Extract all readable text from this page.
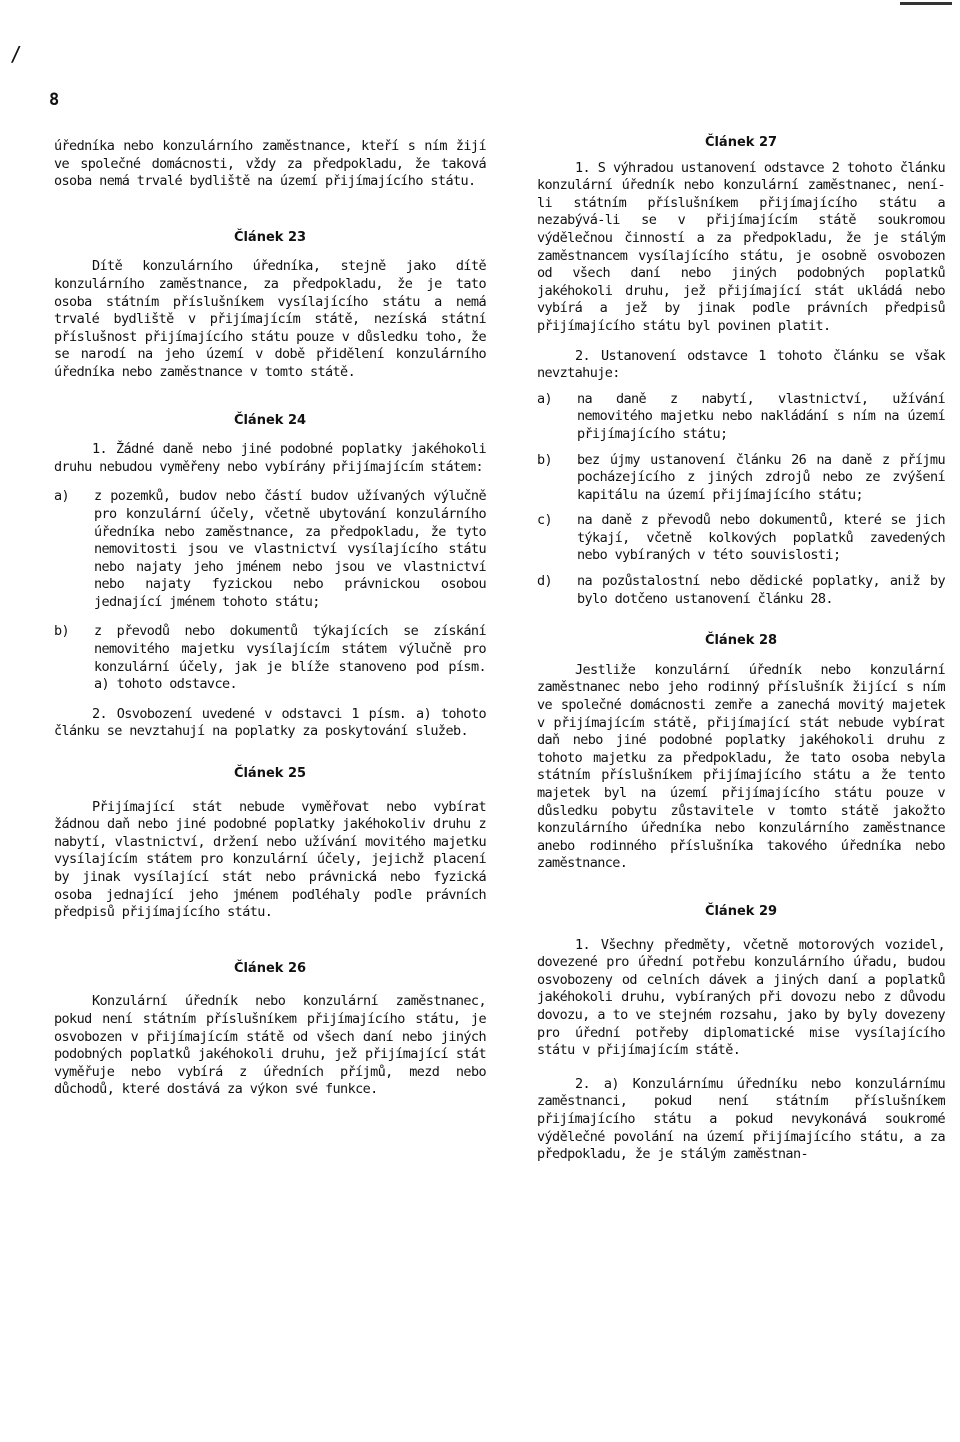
/
8

úředníka nebo konzulárního zaměstnance, kteří s ním žijí ve společné domácnosti, vždy za předpokladu, že taková osoba nemá trvalé bydliště na území přijímajícího státu.

Článek 23

Dítě konzulárního úředníka, stejně jako dítě konzulárního zaměstnance, za předpokladu, že je tato osoba státním příslušníkem vysílajícího státu a nemá trvalé bydliště v přijímajícím státě, nezíská státní příslušnost přijímajícího státu pouze v důsledku toho, že se narodí na jeho území v době přidělení konzulárního úředníka nebo zaměstnance v tomto státě.

Článek 24

1. Žádné daně nebo jiné podobné poplatky jakéhokoli druhu nebudou vyměřeny nebo vybírány přijímajícím státem:

a)	z pozemků, budov nebo částí budov užívaných výlučně pro konzulární účely, včetně ubytování konzulárního úředníka nebo zaměstnance, za předpokladu, že tyto nemovitosti jsou ve vlastnictví vysílajícího státu nebo najaty jeho jménem nebo jsou ve vlastnictví nebo najaty fyzickou nebo právnickou osobou jednající jménem tohoto státu;
b)	z převodů nebo dokumentů týkajících se získání nemovitého majetku vysílajícím státem výlučně pro konzulární účely, jak je blíže stanoveno pod písm. a) tohoto odstavce.

2. Osvobození uvedené v odstavci 1 písm. a) tohoto článku se nevztahují na poplatky za poskytování služeb.

Článek 25

Přijímající stát nebude vyměřovat nebo vybírat žádnou daň nebo jiné podobné poplatky jakéhokoliv druhu z nabytí, vlastnictví, držení nebo užívání movitého majetku vysílajícím státem pro konzulární účely, jejichž placení by jinak vysílající stát nebo právnická nebo fyzická osoba jednající jeho jménem podléhaly podle právních předpisů přijímajícího státu.

Článek 26

Konzulární úředník nebo konzulární zaměstnanec, pokud není státním příslušníkem přijímajícího státu, je osvobozen v přijímajícím státě od všech daní nebo jiných podobných poplatků jakéhokoli druhu, jež přijímající stát vyměřuje nebo vybírá z úředních příjmů, mezd nebo důchodů, které dostává za výkon své funkce.

Článek 27

1. S výhradou ustanovení odstavce 2 tohoto článku konzulární úředník nebo konzulární zaměstnanec, není-li státním příslušníkem přijímajícího státu a nezabývá-li se v přijímajícím státě soukromou výdělečnou činností a za předpokladu, že je stálým zaměstnancem vysílajícího státu, je osobně osvobozen od všech daní nebo jiných podobných poplatků jakéhokoli druhu, jež přijímající stát ukládá nebo vybírá a jež by jinak podle právních předpisů přijímajícího státu byl povinen platit.

2. Ustanovení odstavce 1 tohoto článku se však nevztahuje:

a)	na daně z nabytí, vlastnictví, užívání nemovitého majetku nebo nakládání s ním na území přijímajícího státu;
b)	bez újmy ustanovení článku 26 na daně z příjmu pocházejícího z jiných zdrojů nebo ze zvýšení kapitálu na území přijímajícího státu;
c)	na daně z převodů nebo dokumentů, které se jich týkají, včetně kolkových poplatků zavedených nebo vybíraných v této souvislosti;
d)	na pozůstalostní nebo dědické poplatky, aniž by bylo dotčeno ustanovení článku 28.

Článek 28

Jestliže konzulární úředník nebo konzulární zaměstnanec nebo jeho rodinný příslušník žijící s ním ve společné domácnosti zemře a zanechá movitý majetek v přijímajícím státě, přijímající stát nebude vybírat daň nebo jiné podobné poplatky jakéhokoli druhu z tohoto majetku za předpokladu, že tato osoba nebyla státním příslušníkem přijímajícího státu a že tento majetek byl na území přijímajícího státu pouze v důsledku pobytu zůstavitele v tomto státě jakožto konzulárního úředníka nebo konzulárního zaměstnance anebo rodinného příslušníka takového úředníka nebo zaměstnance.

Článek 29

1. Všechny předměty, včetně motorových vozidel, dovezené pro úřední potřebu konzulárního úřadu, budou osvobozeny od celních dávek a jiných daní a poplatků jakéhokoli druhu, vybíraných při dovozu nebo z důvodu dovozu, a to ve stejném rozsahu, jako by byly dovezeny pro úřední potřeby diplomatické mise vysílajícího státu v přijímajícím státě.

2. a) Konzulárnímu úředníku nebo konzulárnímu zaměstnanci, pokud není státním příslušníkem přijímajícího státu a pokud nevykonává soukromé výdělečné povolání na území přijímajícího státu, a za předpokladu, že je stálým zaměstnan-
